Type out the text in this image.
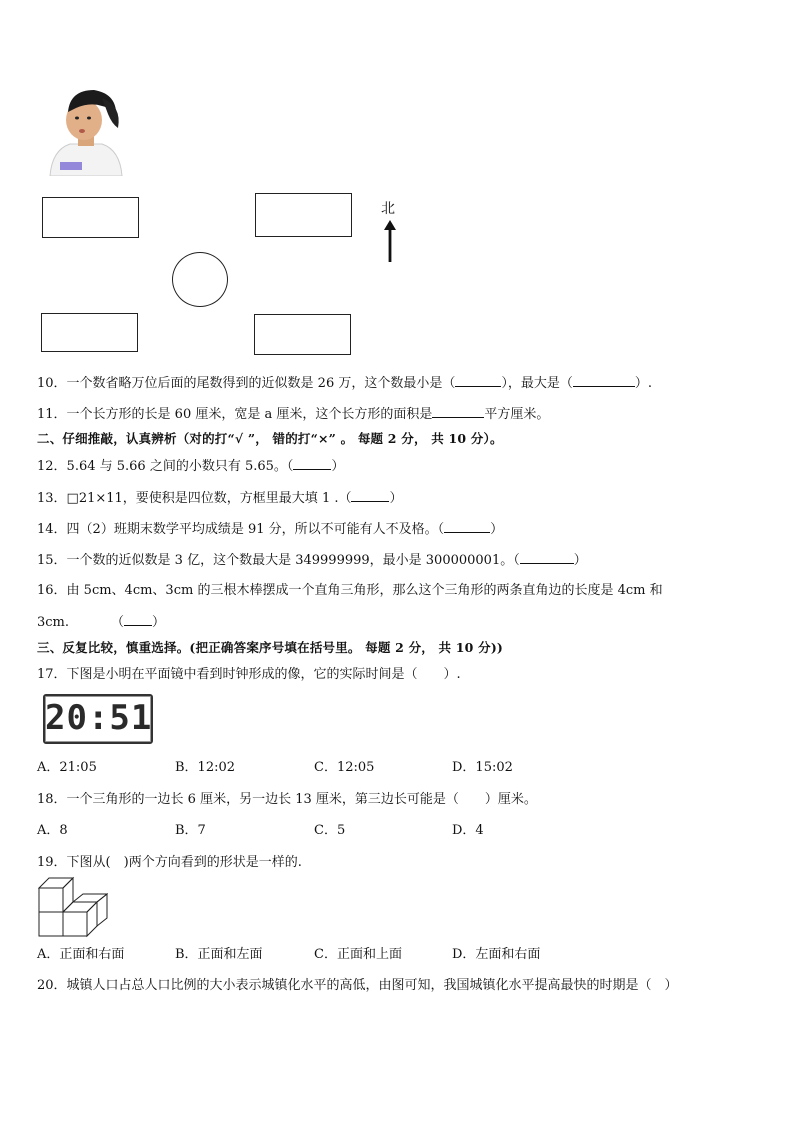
北
10．一个数省略万位后面的尾数得到的近似数是 26 万，这个数最小是（	），最大是（	）.
11．一个长方形的长是 60 厘米，宽是 a 厘米，这个长方形的面积是	平方厘米。
二、仔细推敲，认真辨析（对的打“√ ”， 错的打“×” 。 每题 2 分， 共 10 分）。
12．5.64 与 5.66 之间的小数只有 5.65。（	）
13．□21×11，要使积是四位数，方框里最大填 1 .（	）
14．四（2）班期末数学平均成绩是 91 分，所以不可能有人不及格。（	）
15．一个数的近似数是 3 亿，这个数最大是 349999999，最小是 300000001。（	）
16．由 5cm、4cm、3cm 的三根木棒摆成一个直角三角形，那么这个三角形的两条直角边的长度是 4cm 和
3cm.	（ ）
三、反复比较，慎重选择。(把正确答案序号填在括号里。 每题 2 分， 共 10 分))
17．下图是小明在平面镜中看到时钟形成的像，它的实际时间是（　　）.
20:51
A．21:05	B．12:02	C．12:05	D．15:02
18．一个三角形的一边长 6 厘米，另一边长 13 厘米，第三边长可能是（　　）厘米。
A．8	B．7	C．5	D．4
19．下图从(　)两个方向看到的形状是一样的.
A．正面和右面	B．正面和左面	C．正面和上面	D．左面和右面
20．城镇人口占总人口比例的大小表示城镇化水平的高低，由图可知，我国城镇化水平提高最快的时期是（　）
